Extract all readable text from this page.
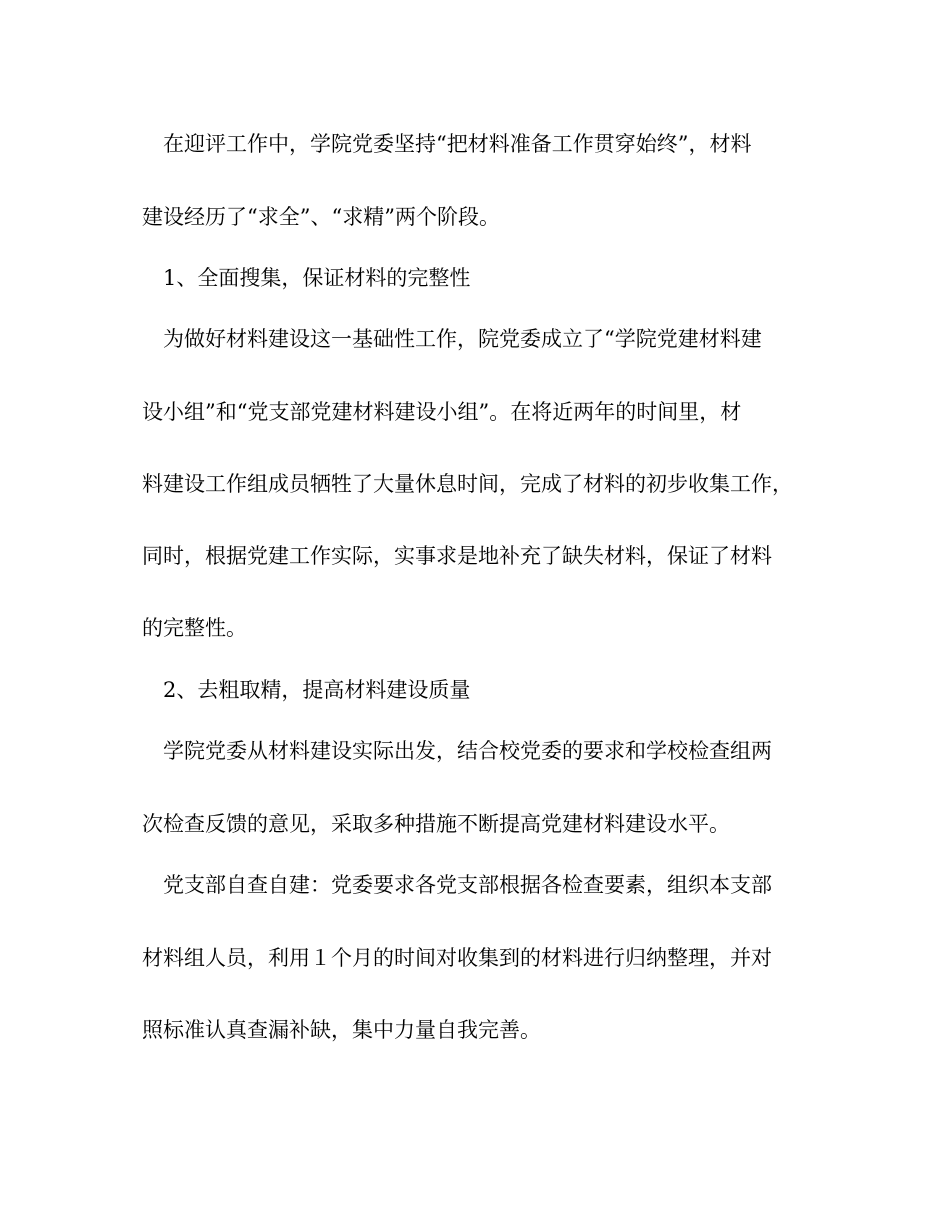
在迎评工作中，学院党委坚持“把材料准备工作贯穿始终”，材料
建设经历了“求全”、“求精”两个阶段。
1、全面搜集，保证材料的完整性
为做好材料建设这一基础性工作，院党委成立了“学院党建材料建
设小组”和“党支部党建材料建设小组”。在将近两年的时间里，材
料建设工作组成员牺牲了大量休息时间，完成了材料的初步收集工作，
同时，根据党建工作实际，实事求是地补充了缺失材料，保证了材料
的完整性。
2、去粗取精，提高材料建设质量
学院党委从材料建设实际出发，结合校党委的要求和学校检查组两
次检查反馈的意见，采取多种措施不断提高党建材料建设水平。
党支部自查自建：党委要求各党支部根据各检查要素，组织本支部
材料组人员，利用１个月的时间对收集到的材料进行归纳整理，并对
照标准认真查漏补缺，集中力量自我完善。
